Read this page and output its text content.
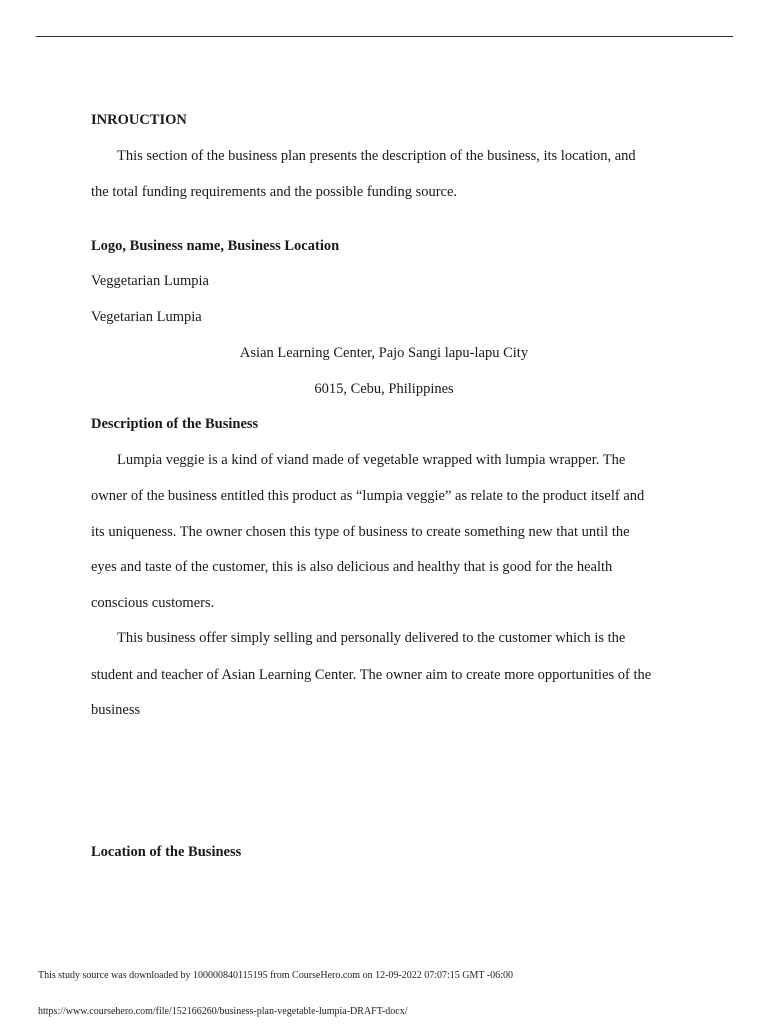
INROUCTION
This section of the business plan presents the description of the business, its location, and
the total funding requirements and the possible funding source.
Logo, Business name, Business Location
Veggetarian Lumpia
Vegetarian Lumpia
Asian Learning Center, Pajo Sangi lapu-lapu City
6015, Cebu, Philippines
Description of the Business
Lumpia veggie is a kind of viand made of vegetable wrapped with lumpia wrapper. The
owner of the business entitled this product as “lumpia veggie” as relate to the product itself and
its uniqueness. The owner chosen this type of business to create something new that until the
eyes and taste of the customer, this is also delicious and healthy that is good for the health
conscious customers.
This business offer simply selling and personally delivered to the customer which is the
student and teacher of Asian Learning Center. The owner aim to create more opportunities of the
business
Location of the Business
This study source was downloaded by 100000840115195 from CourseHero.com on 12-09-2022 07:07:15 GMT -06:00
https://www.coursehero.com/file/152166260/business-plan-vegetable-lumpia-DRAFT-docx/
